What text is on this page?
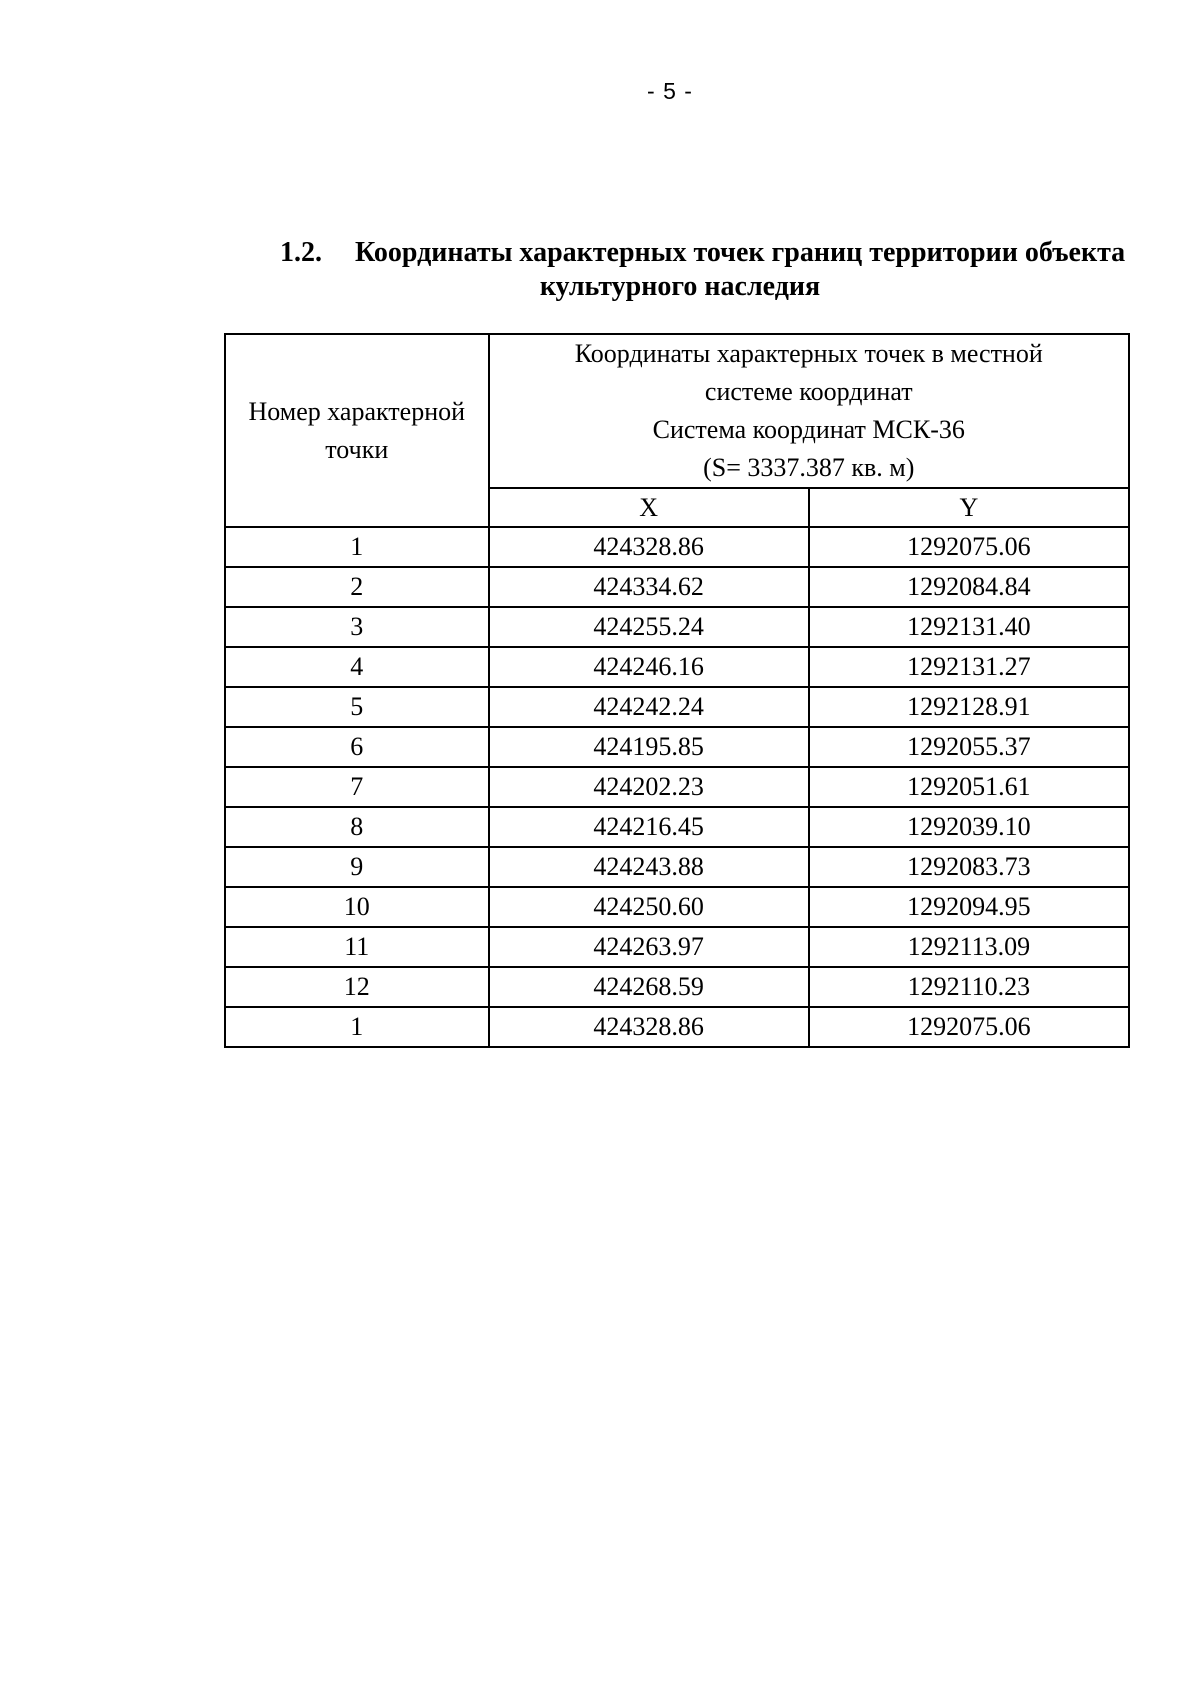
- 5 -
1.2.	Координаты характерных точек границ территории объекта
культурного наследия
Номер характерной
точки	Координаты характерных точек в местной
системе координат
Система координат МСК-36
(S= 3337.387 кв. м)	

	X	Y
1	424328.86	1292075.06
2	424334.62	1292084.84
3	424255.24	1292131.40
4	424246.16	1292131.27
5	424242.24	1292128.91
6	424195.85	1292055.37
7	424202.23	1292051.61
8	424216.45	1292039.10
9	424243.88	1292083.73
10	424250.60	1292094.95
11	424263.97	1292113.09
12	424268.59	1292110.23
1	424328.86	1292075.06
